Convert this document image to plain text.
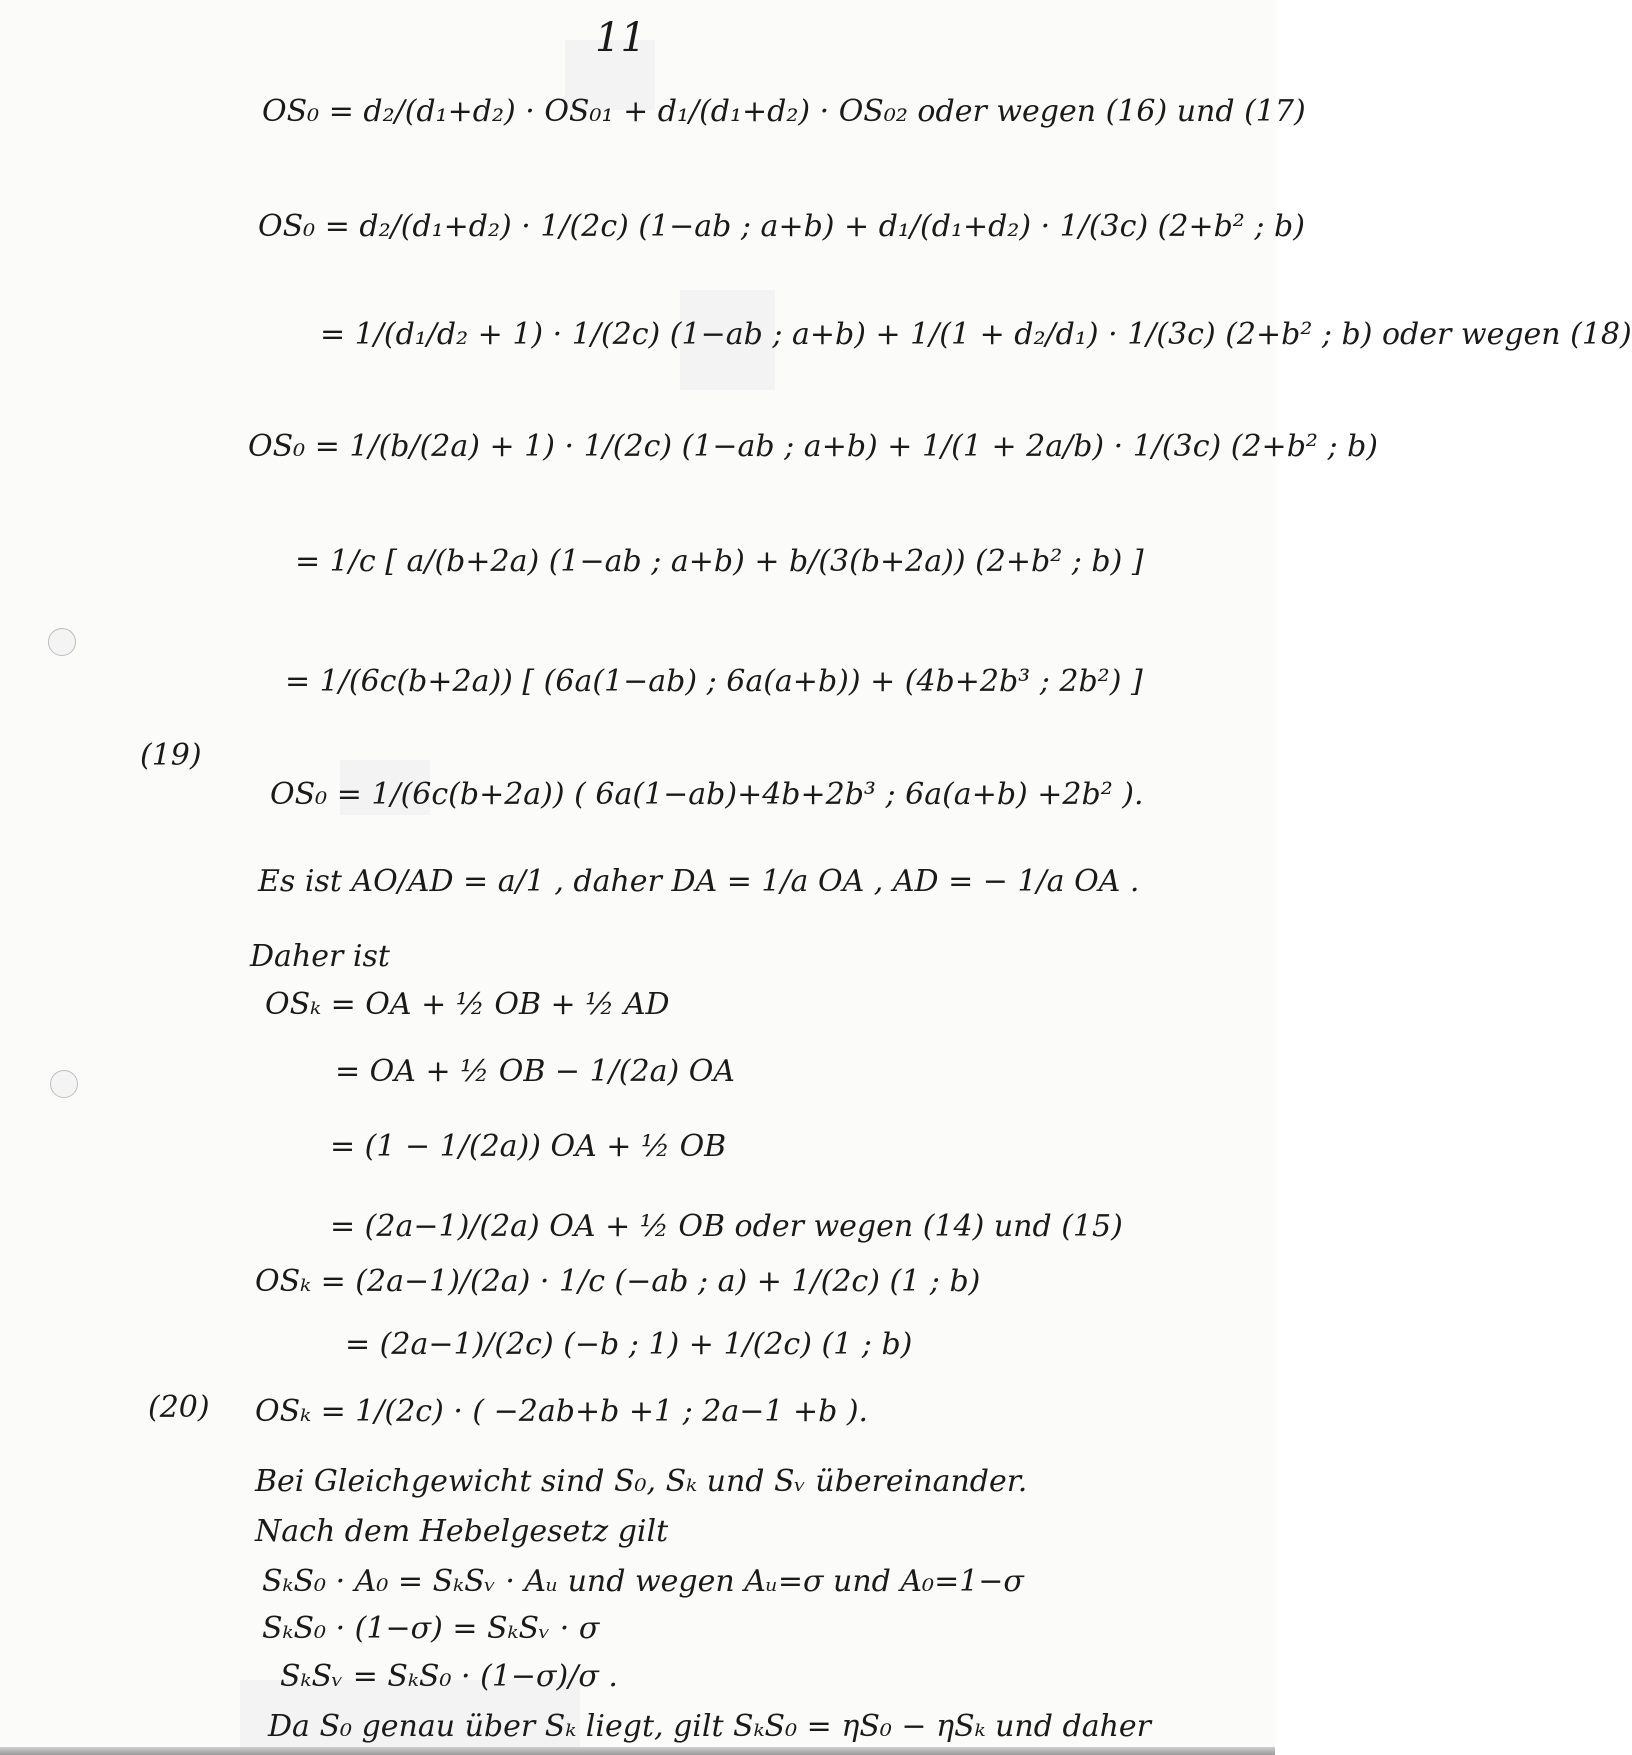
11
(19)
(20)
OS₀ = d₂/(d₁+d₂) · OS₀₁ + d₁/(d₁+d₂) · OS₀₂ oder wegen (16) und (17)
OS₀ = d₂/(d₁+d₂) · 1/(2c) (1−ab ; a+b) + d₁/(d₁+d₂) · 1/(3c) (2+b² ; b)
= 1/(d₁/d₂ + 1) · 1/(2c) (1−ab ; a+b) + 1/(1 + d₂/d₁) · 1/(3c) (2+b² ; b) oder wegen (18)
OS₀ = 1/(b/(2a) + 1) · 1/(2c) (1−ab ; a+b) + 1/(1 + 2a/b) · 1/(3c) (2+b² ; b)
= 1/c [ a/(b+2a) (1−ab ; a+b) + b/(3(b+2a)) (2+b² ; b) ]
= 1/(6c(b+2a)) [ (6a(1−ab) ; 6a(a+b)) + (4b+2b³ ; 2b²) ]
OS₀ = 1/(6c(b+2a)) ( 6a(1−ab)+4b+2b³ ; 6a(a+b) +2b² ).
Es ist AO/AD = a/1 , daher DA = 1/a OA , AD = − 1/a OA .
Daher ist
OSₖ = OA + ½ OB + ½ AD
= OA + ½ OB − 1/(2a) OA
= (1 − 1/(2a)) OA + ½ OB
= (2a−1)/(2a) OA + ½ OB oder wegen (14) und (15)
OSₖ = (2a−1)/(2a) · 1/c (−ab ; a) + 1/(2c) (1 ; b)
= (2a−1)/(2c) (−b ; 1) + 1/(2c) (1 ; b)
OSₖ = 1/(2c) · ( −2ab+b +1 ; 2a−1 +b ).
Bei Gleichgewicht sind S₀, Sₖ und Sᵥ übereinander.
Nach dem Hebelgesetz gilt
SₖS₀ · A₀ = SₖSᵥ · Aᵤ und wegen Aᵤ=σ und A₀=1−σ
SₖS₀ · (1−σ) = SₖSᵥ · σ
SₖSᵥ = SₖS₀ · (1−σ)/σ .
Da S₀ genau über Sₖ liegt, gilt SₖS₀ = ηS₀ − ηSₖ und daher
